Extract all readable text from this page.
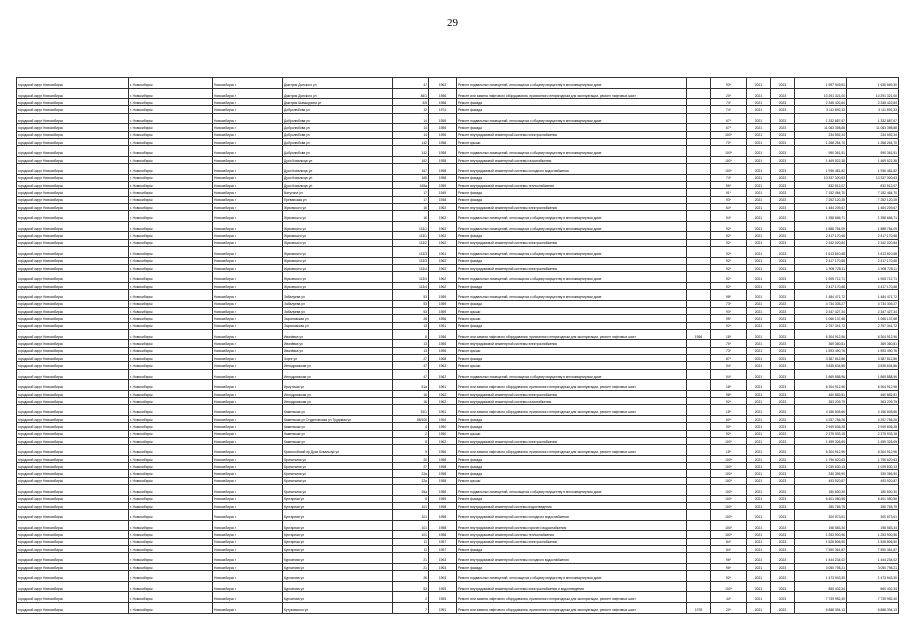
29
городской округ Новосибирск	г. Новосибирск	Новосибирск г	Дмитрия Донского ул	47	1962	Ремонт подвальных помещений, относящихся к общему имуществу в многоквартирном доме		93*	2021	2023	1 957 949,81	1 635 669,30
городской округ Новосибирск	г. Новосибирск	Новосибирск г	Дмитрия Донского ул	46/1	1956	Ремонт или замена лифтового оборудования, признанного непригодным для эксплуатации, ремонт лифтовых шахт		20*	2021	2023	10 291 321,00	10 291 321,00
городской округ Новосибирск	г. Новосибирск	Новосибирск г	Дмитрия Шамшурина ул	4/5	1958	Ремонт фасада		74*	2021	2023	2 345 422,84	2 345 422,84
городской округ Новосибирск	г. Новосибирск	Новосибирск г	Добролюбова ул	12	1974	Ремонт фасада		74*	2021	2023	3 111 892,33	3 111 892,33
городской округ Новосибирск	г. Новосибирск	Новосибирск г	Добролюбова ул	14	1955	Ремонт подвальных помещений, относящихся к общему имуществу в многоквартирном доме		67*	2021	2023	1 332 887,67	1 332 887,67
городской округ Новосибирск	г. Новосибирск	Новосибирск г	Добролюбова ул	14	1955	Ремонт фасада		67*	2021	2023	11 063 398,88	11 063 398,88
городской округ Новосибирск	г. Новосибирск	Новосибирск г	Добролюбова ул	14	1955	Ремонт внутридомовой инженерной системы электроснабжения		100*	2021	2023	234 592,34	234 592,34
городской округ Новосибирск	г. Новосибирск	Новосибирск г	Добролюбова ул	142	1958	Ремонт крыши		70*	2021	2023	1 268 264,70	1 268 264,70
городской округ Новосибирск	г. Новосибирск	Новосибирск г	Добролюбова ул	142	1958	Ремонт подвальных помещений, относящихся к общему имуществу в многоквартирном доме		100*	2021	2023	990 361,51	990 361,51
городской округ Новосибирск	г. Новосибирск	Новосибирск г	Дуси Ковальчук ул	162	1958	Ремонт внутридомовой инженерной системы газоснабжения		100*	2021	2023	1 469 522,38	1 469 522,38
городской округ Новосибирск	г. Новосибирск	Новосибирск г	Дуси Ковальчук ул	167	1958	Ремонт внутридомовой инженерной системы холодного водоснабжения		100*	2021	2023	1 936 481,82	1 936 481,82
городской округ Новосибирск	г. Новосибирск	Новосибирск г	Дуси Ковальчук ул	165	1958	Ремонт фасада		74*	2021	2023	10 337 300,63	10 337 300,63
городской округ Новосибирск	г. Новосибирск	Новосибирск г	Дуси Ковальчук ул	169а	1959	Ремонт внутридомовой инженерной системы теплоснабжения		65*	2021	2023	832 512,07	832 512,07
городской округ Новосибирск	г. Новосибирск	Новосибирск г	Ватутина ул	17	1949	Ремонт фасада		91*	2021	2023	7 152 464,70	7 152 464,70
городской округ Новосибирск	г. Новосибирск	Новосибирск г	Ереванская ул	17	1948	Ремонт фасада		93*	2021	2023	7 252 120,28	7 252 120,28
городской округ Новосибирск	г. Новосибирск	Новосибирск г	Жуковского ул	16	1962	Ремонт внутридомовой инженерной системы электроснабжения		64*	2021	2023	1 484 209,67	1 484 209,67
городской округ Новосибирск	г. Новосибирск	Новосибирск г	Жуковского ул	16	1962	Ремонт подвальных помещений, относящихся к общему имуществу в многоквартирном доме		94*	2021	2023	1 358 666,71	1 358 666,71
городской округ Новосибирск	г. Новосибирск	Новосибирск г	Жуковского ул	113/1	1962	Ремонт подвальных помещений, относящихся к общему имуществу в многоквартирном доме		92*	2021	2023	1 888 784,09	1 888 784,09
городской округ Новосибирск	г. Новосибирск	Новосибирск г	Жуковского ул	113/1	1962	Ремонт фасада		92*	2021	2023	2 417 170,68	2 417 170,68
городской округ Новосибирск	г. Новосибирск	Новосибирск г	Жуковского ул	113/2	1962	Ремонт внутридомовой инженерной системы электроснабжения		92*	2021	2023	2 342 020,84	2 342 020,84
городской округ Новосибирск	г. Новосибирск	Новосибирск г	Жуковского ул	113/3	1961	Ремонт подвальных помещений, относящихся к общему имуществу в многоквартирном доме		92*	2021	2023	1 613 810,68	1 613 810,68
городской округ Новосибирск	г. Новосибирск	Новосибирск г	Жуковского ул	113/3	1962	Ремонт фасада		92*	2021	2023	2 417 170,68	2 417 170,68
городской округ Новосибирск	г. Новосибирск	Новосибирск г	Жуковского ул	113/4	1962	Ремонт внутридомовой инженерной системы электроснабжения		92*	2021	2023	1 905 728,11	1 905 728,11
городской округ Новосибирск	г. Новосибирск	Новосибирск г	Жуковского ул	113/4	1962	Ремонт подвальных помещений, относящихся к общему имуществу в многоквартирном доме		92*	2021	2023	1 905 712,71	1 905 712,71
городской округ Новосибирск	г. Новосибирск	Новосибирск г	Жуковского ул	113/4	1962	Ремонт фасада		92*	2021	2023	2 417 170,68	2 417 170,68
городской округ Новосибирск	г. Новосибирск	Новосибирск г	Забалуева ул	53	1959	Ремонт подвальных помещений, относящихся к общему имуществу в многоквартирном доме		98*	2021	2023	1 484 471,72	1 484 471,72
городской округ Новосибирск	г. Новосибирск	Новосибирск г	Забалуева ул	53	1959	Ремонт фасада		73*	2021	2023	4 734 305,27	4 734 305,27
городской округ Новосибирск	г. Новосибирск	Новосибирск г	Забалуева ул	53	1959	Ремонт крыши		93*	2021	2023	2 347 427,34	2 347 427,34
городской округ Новосибирск	г. Новосибирск	Новосибирск г	Зыряновская ул	28	1956	Ремонт крыши		95*	2021	2023	1 066 137,68	1 066 137,68
городской округ Новосибирск	г. Новосибирск	Новосибирск г	Зыряновская ул	13	1951	Ремонт фасада		92*	2021	2023	2 757 341,72	2 757 341,72
городской округ Новосибирск	г. Новосибирск	Новосибирск г	Ивачёвка ул	8	1956	Ремонт или замена лифтового оборудования, признанного непригодным для эксплуатации, ремонт лифтовых шахт	1956	18*	2021	2023	6 304 912,96	6 304 912,96
городской округ Новосибирск	г. Новосибирск	Новосибирск г	Ивачёвка ул	13	1955	Ремонт внутридомовой инженерной системы электроснабжения		70*	2021	2023	369 360,81	369 360,81
городской округ Новосибирск	г. Новосибирск	Новосибирск г	Ивачёвка ул	13	1955	Ремонт крыши		73*	2021	2023	1 593 490,76	1 593 490,76
городской округ Новосибирск	г. Новосибирск	Новосибирск г	Зорге ул	27	1968	Ремонт фасада		87*	2021	2023	3 387 812,86	3 387 812,86
городской округ Новосибирск	г. Новосибирск	Новосибирск г	Ипподромская ул	47	1962	Ремонт крыши		94*	2021	2023	3 835 634,86	3 835 634,86
городской округ Новосибирск	г. Новосибирск	Новосибирск г	Ипподромская ул	47	1962	Ремонт подвальных помещений, относящихся к общему имуществу в многоквартирном доме		94*	2021	2023	1 869 888,96	1 869 888,96
городской округ Новосибирск	г. Новосибирск	Новосибирск г	Иркутская ул	51а	1961	Ремонт или замена лифтового оборудования, признанного непригодным для эксплуатации, ремонт лифтовых шахт		18*	2021	2023	6 304 912,96	6 304 912,96
городской округ Новосибирск	г. Новосибирск	Новосибирск г	Ипподромская ул	16	1962	Ремонт внутридомовой инженерной системы электроснабжения		98*	2021	2023	460 882,81	460 882,81
городской округ Новосибирск	г. Новосибирск	Новосибирск г	Ипподромская ул	16	1962	Ремонт внутридомовой инженерной системы газоснабжения		92*	2021	2023	363 209,79	363 209,79
городской округ Новосибирск	г. Новосибирск	Новосибирск г	Каменская ул	51/1	1961	Ремонт или замена лифтового оборудования, признанного непригодным для эксплуатации, ремонт лифтовых шахт		18*	2021	2023	4 156 605,66	4 156 605,66
городской округ Новосибирск	г. Новосибирск	Новосибирск г	Каменская ул Студенческая ул Трудовая ул	58/100	1954	Ремонт фасада		60*	2021	2023	4 257 756,26	4 257 756,26
городской округ Новосибирск	г. Новосибирск	Новосибирск г	Каменская ул	4	1950	Ремонт фасада		90*	2021	2023	2 949 836,28	2 949 836,28
городской округ Новосибирск	г. Новосибирск	Новосибирск г	Каменская ул	2	1950	Ремонт крыши		92*	2021	2023	2 375 933,18	2 375 933,18
городской округ Новосибирск	г. Новосибирск	Новосибирск г	Каменская ул	8	1962	Ремонт внутридомовой инженерной системы электроснабжения		100*	2021	2023	1 459 326,69	1 459 326,69
городской округ Новосибирск	г. Новосибирск	Новосибирск г	Краснообский пр Дуси Ковальчук ул	9	1956	Ремонт или замена лифтового оборудования, признанного непригодным для эксплуатации, ремонт лифтовых шахт		18*	2021	2023	6 304 912,96	6 304 912,96
городской округ Новосибирск	г. Новосибирск	Новосибирск г	Кропоткина ул	20	1958	Ремонт фасада		100*	2021	2023	1 796 620,63	1 796 620,63
городской округ Новосибирск	г. Новосибирск	Новосибирск г	Кропоткина ул	27	1958	Ремонт фасада		100*	2021	2023	1 039 630,13	1 039 630,13
городской округ Новосибирск	г. Новосибирск	Новосибирск г	Кропоткина ул	22а	1958	Ремонт фасада		100*	2021	2023	330 356,90	330 356,90
городской округ Новосибирск	г. Новосибирск	Новосибирск г	Кропоткина ул	22а	1958	Ремонт крыши		100*	2021	2023	493 920,87	493 920,87
городской округ Новосибирск	г. Новосибирск	Новосибирск г	Кропоткина ул	26а	1958	Ремонт подвальных помещений, относящихся к общему имуществу в многоквартирном доме		100*	2021	2023	180 600,30	180 600,30
городской округ Новосибирск	г. Новосибирск	Новосибирск г	Кустарная ул	8	1955	Ремонт фасада		100*	2021	2023	5 401 080,56	5 401 080,56
городской округ Новосибирск	г. Новосибирск	Новосибирск г	Кустарная ул	101	1958	Ремонт внутридомовой инженерной системы водоотведения		100*	2021	2023	280 765,75	280 765,75
городской округ Новосибирск	г. Новосибирск	Новосибирск г	Кустарная ул	101	1958	Ремонт внутридомовой инженерной системы холодного водоснабжения		100*	2021	2023	300 873,61	300 873,61
городской округ Новосибирск	г. Новосибирск	Новосибирск г	Кустарная ул	101	1958	Ремонт внутридомовой инженерной системы горячего водоснабжения		100*	2021	2023	198 583,34	198 583,34
городской округ Новосибирск	г. Новосибирск	Новосибирск г	Кустарная ул	101	1958	Ремонт внутридомовой инженерной системы теплоснабжения		100*	2021	2023	1 253 900,96	1 253 900,96
городской округ Новосибирск	г. Новосибирск	Новосибирск г	Кустарная ул	11	1957	Ремонт внутридомовой инженерной системы электроснабжения		84*	2021	2023	1 528 806,50	1 528 806,50
городской округ Новосибирск	г. Новосибирск	Новосибирск г	Кустарная ул	11	1957	Ремонт фасада		84*	2021	2023	7 590 361,87	7 590 361,87
городской округ Новосибирск	г. Новосибирск	Новосибирск г	Курчатова ул	21	1963	Ремонт внутридомовой инженерной системы холодного водоснабжения		96*	2021	2023	1 444 234,02	1 444 234,02
городской округ Новосибирск	г. Новосибирск	Новосибирск г	Курчатова ул	21	1963	Ремонт фасада		96*	2021	2023	3 050 798,21	3 050 798,21
городской округ Новосибирск	г. Новосибирск	Новосибирск г	Курчатова ул	26	1963	Ремонт подвальных помещений, относящихся к общему имуществу в многоквартирном доме		92*	2021	2023	1 473 943,30	1 473 943,30
городской округ Новосибирск	г. Новосибирск	Новосибирск г	Курчатова ул	53	1953	Ремонт внутридомовой инженерной системы электроснабжения и водоотведения		100*	2021	2023	860 402,34	860 402,34
городской округ Новосибирск	г. Новосибирск	Новосибирск г	Курчатова ул	2	1953	Ремонт или замена лифтового оборудования, признанного непригодным для эксплуатации, ремонт лифтовых шахт		44*	2021	2023	7 739 952,40	7 739 952,40
городской округ Новосибирск	г. Новосибирск	Новосибирск г	Кутузовского ул	7	1951	Ремонт или замена лифтового оборудования, признанного непригодным для эксплуатации, ремонт лифтовых шахт	1978	20*	2021	2023	6 868 394,13	6 868 394,13
